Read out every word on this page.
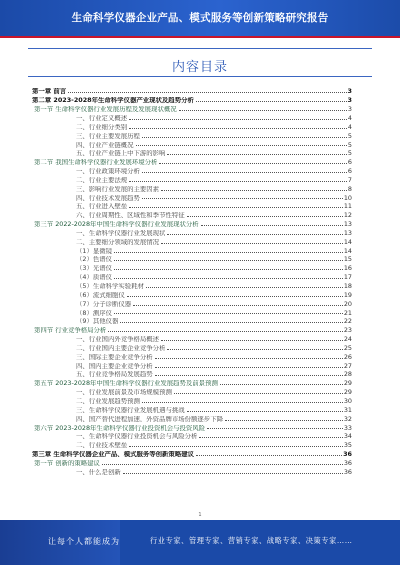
生命科学仪器企业产品、模式服务等创新策略研究报告
内容目录
第一章 前言	3
第二章 2023-2028年生命科学仪器产业现状及趋势分析	3
第一节 生命科学仪器行业发展历程及发展现状概况	3
一、行业定义概述	4
二、行业细分类别	4
三、行业主要发展历程	5
四、行业产业链概况	5
五、行业产业链上中下游的影响	5
第二节 我国生命科学仪器行业发展环境分析	6
一、行业政策环境分析	6
二、行业主要法规	7
三、影响行业发展的主要因素	8
四、行业技术发展趋势	10
五、行业进入壁垒	11
六、行业周期性、区域性和季节性特征	12
第三节 2022-2028年中国生命科学仪器行业发展现状分析	13
一、生命科学仪器行业发展现状	13
二、主要细分领域的发展情况	14
（1）显微镜	14
（2）色谱仪	15
（3）光谱仪	16
（4）质谱仪	17
（5）生命科学实验耗材	18
（6）流式细胞仪	19
（7）分子诊断仪器	20
（8）测序仪	21
（9）其他仪器	22
第四节 行业竞争格局分析	23
一、行业国内外竞争格局概述	24
二、行业国内主要企业竞争分析	25
三、国际主要企业竞争分析	26
四、国内主要企业竞争分析	27
五、行业竞争格局发展趋势	28
第五节 2023-2028年中国生命科学仪器行业发展趋势及前景预测	29
一、行业发展前景及市场规模预测	29
二、行业发展趋势预测	30
三、生命科学仪器行业发展机遇与挑战	31
四、国产替代进程加速，外资品牌市场份额逐步下降	32
第六节 2023-2028年生命科学仪器行业投资机会与投资风险	33
一、生命科学仪器行业投资机会与风险分析	34
二、行业技术壁垒	35
第三章 生命科学仪器企业产品、模式服务等创新策略建议	36
第一节 创新的策略建议	36
一、什么是创新	36
1
让每个人都能成为	行业专家、管理专家、营销专家、战略专家、决策专家……
